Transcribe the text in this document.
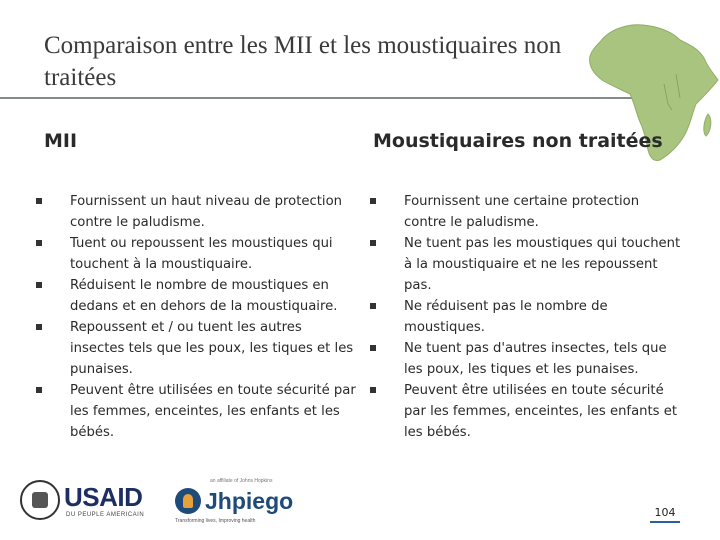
Comparaison entre les MII et les moustiquaires non traitées
MII	Moustiquaires non traitées
Fournissent un haut niveau de protection contre le paludisme.
Tuent ou repoussent les moustiques qui touchent à la moustiquaire.
Réduisent le nombre de moustiques en dedans et en dehors de la moustiquaire.
Repoussent et / ou tuent les autres insectes tels que les poux, les tiques et les punaises.
Peuvent être utilisées en toute sécurité par les femmes, enceintes, les enfants et les bébés.
Fournissent une certaine protection contre le paludisme.
Ne tuent pas les moustiques qui touchent à la moustiquaire et ne les repoussent pas.
Ne réduisent pas le nombre de moustiques.
Ne tuent pas d'autres insectes, tels que les poux, les tiques et les punaises.
Peuvent être utilisées en toute sécurité par les femmes, enceintes, les enfants et les bébés.
USAID
DU PEUPLE AMERICAIN
an affiliate of Johns Hopkins
Jhpiego
Transforming lives, Improving health
104
